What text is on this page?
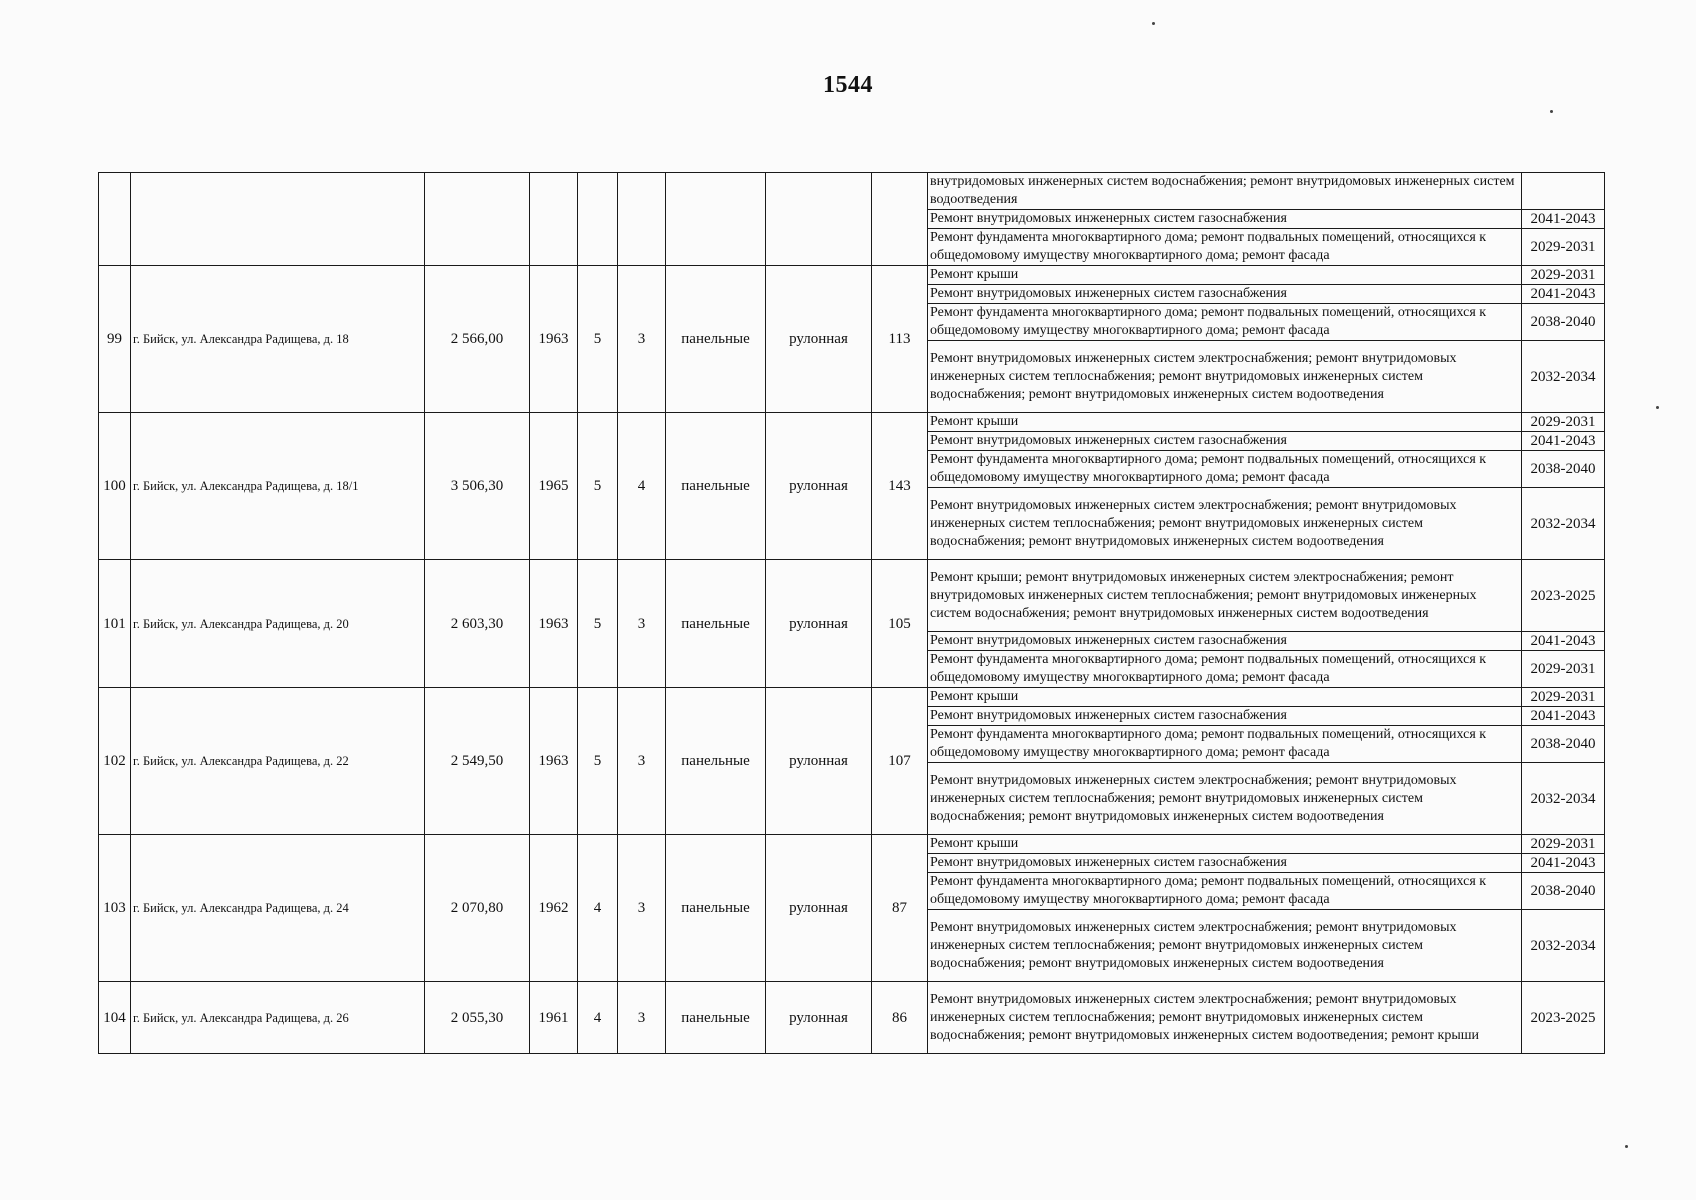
1544
									внутридомовых инженерных систем водоснабжения; ремонт внутридомовых инженерных систем водоотведения	
									Ремонт внутридомовых инженерных систем газоснабжения	2041-2043
									Ремонт фундамента многоквартирного дома; ремонт подвальных помещений, относящихся к общедомовому имуществу многоквартирного дома; ремонт фасада	2029-2031
99	г. Бийск, ул. Александра Радищева, д. 18	2 566,00	1963	5	3	панельные	рулонная	113	Ремонт крыши	2029-2031
									Ремонт внутридомовых инженерных систем газоснабжения	2041-2043
									Ремонт фундамента многоквартирного дома; ремонт подвальных помещений, относящихся к общедомовому имуществу многоквартирного дома; ремонт фасада	2038-2040
									Ремонт внутридомовых инженерных систем электроснабжения; ремонт внутридомовых инженерных систем теплоснабжения; ремонт внутридомовых инженерных систем водоснабжения; ремонт внутридомовых инженерных систем водоотведения	2032-2034
100	г. Бийск, ул. Александра Радищева, д. 18/1	3 506,30	1965	5	4	панельные	рулонная	143	Ремонт крыши	2029-2031
									Ремонт внутридомовых инженерных систем газоснабжения	2041-2043
									Ремонт фундамента многоквартирного дома; ремонт подвальных помещений, относящихся к общедомовому имуществу многоквартирного дома; ремонт фасада	2038-2040
									Ремонт внутридомовых инженерных систем электроснабжения; ремонт внутридомовых инженерных систем теплоснабжения; ремонт внутридомовых инженерных систем водоснабжения; ремонт внутридомовых инженерных систем водоотведения	2032-2034
101	г. Бийск, ул. Александра Радищева, д. 20	2 603,30	1963	5	3	панельные	рулонная	105	Ремонт крыши; ремонт внутридомовых инженерных систем электроснабжения; ремонт внутридомовых инженерных систем теплоснабжения; ремонт внутридомовых инженерных систем водоснабжения; ремонт внутридомовых инженерных систем водоотведения	2023-2025
									Ремонт внутридомовых инженерных систем газоснабжения	2041-2043
									Ремонт фундамента многоквартирного дома; ремонт подвальных помещений, относящихся к общедомовому имуществу многоквартирного дома; ремонт фасада	2029-2031
102	г. Бийск, ул. Александра Радищева, д. 22	2 549,50	1963	5	3	панельные	рулонная	107	Ремонт крыши	2029-2031
									Ремонт внутридомовых инженерных систем газоснабжения	2041-2043
									Ремонт фундамента многоквартирного дома; ремонт подвальных помещений, относящихся к общедомовому имуществу многоквартирного дома; ремонт фасада	2038-2040
									Ремонт внутридомовых инженерных систем электроснабжения; ремонт внутридомовых инженерных систем теплоснабжения; ремонт внутридомовых инженерных систем водоснабжения; ремонт внутридомовых инженерных систем водоотведения	2032-2034
103	г. Бийск, ул. Александра Радищева, д. 24	2 070,80	1962	4	3	панельные	рулонная	87	Ремонт крыши	2029-2031
									Ремонт внутридомовых инженерных систем газоснабжения	2041-2043
									Ремонт фундамента многоквартирного дома; ремонт подвальных помещений, относящихся к общедомовому имуществу многоквартирного дома; ремонт фасада	2038-2040
									Ремонт внутридомовых инженерных систем электроснабжения; ремонт внутридомовых инженерных систем теплоснабжения; ремонт внутридомовых инженерных систем водоснабжения; ремонт внутридомовых инженерных систем водоотведения	2032-2034
104	г. Бийск, ул. Александра Радищева, д. 26	2 055,30	1961	4	3	панельные	рулонная	86	Ремонт внутридомовых инженерных систем электроснабжения; ремонт внутридомовых инженерных систем теплоснабжения; ремонт внутридомовых инженерных систем водоснабжения; ремонт внутридомовых инженерных систем водоотведения; ремонт крыши	2023-2025
